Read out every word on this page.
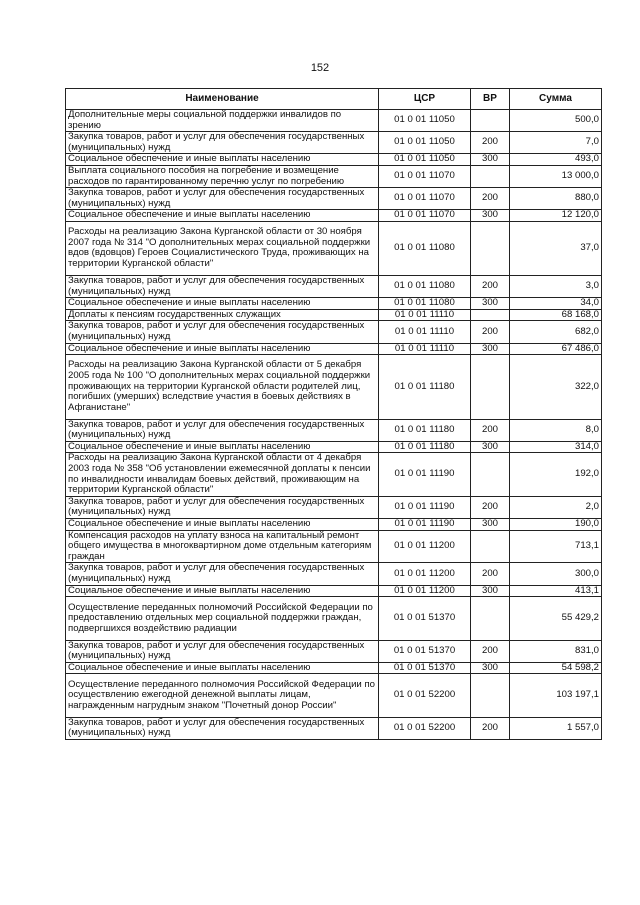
152
Наименование	ЦСР	ВР	Сумма
Дополнительные меры социальной поддержки инвалидов по зрению	01 0 01 11050		500,0
Закупка товаров, работ и услуг для обеспечения государственных (муниципальных) нужд	01 0 01 11050	200	7,0
Социальное обеспечение и иные выплаты населению	01 0 01 11050	300	493,0
Выплата социального пособия на погребение и возмещение расходов по гарантированному перечню услуг по погребению	01 0 01 11070		13 000,0
Закупка товаров, работ и услуг для обеспечения государственных (муниципальных) нужд	01 0 01 11070	200	880,0
Социальное обеспечение и иные выплаты населению	01 0 01 11070	300	12 120,0
Расходы на реализацию Закона Курганской области от 30 ноября 2007 года № 314 "О дополнительных мерах социальной поддержки вдов (вдовцов) Героев Социалистического Труда, проживающих на территории Курганской области"	01 0 01 11080		37,0
Закупка товаров, работ и услуг для обеспечения государственных (муниципальных) нужд	01 0 01 11080	200	3,0
Социальное обеспечение и иные выплаты населению	01 0 01 11080	300	34,0
Доплаты к пенсиям государственных служащих	01 0 01 11110		68 168,0
Закупка товаров, работ и услуг для обеспечения государственных (муниципальных) нужд	01 0 01 11110	200	682,0
Социальное обеспечение и иные выплаты населению	01 0 01 11110	300	67 486,0
Расходы на реализацию Закона Курганской области от 5 декабря 2005 года № 100 "О дополнительных мерах социальной поддержки проживающих на территории Курганской области родителей лиц, погибших (умерших) вследствие участия в боевых действиях в Афганистане"	01 0 01 11180		322,0
Закупка товаров, работ и услуг для обеспечения государственных (муниципальных) нужд	01 0 01 11180	200	8,0
Социальное обеспечение и иные выплаты населению	01 0 01 11180	300	314,0
Расходы на реализацию Закона Курганской области от 4 декабря 2003 года № 358 "Об установлении ежемесячной доплаты к пенсии по инвалидности инвалидам боевых действий, проживающим на территории Курганской области"	01 0 01 11190		192,0
Закупка товаров, работ и услуг для обеспечения государственных (муниципальных) нужд	01 0 01 11190	200	2,0
Социальное обеспечение и иные выплаты населению	01 0 01 11190	300	190,0
Компенсация расходов на уплату взноса на капитальный ремонт общего имущества в многоквартирном доме отдельным категориям граждан	01 0 01 11200		713,1
Закупка товаров, работ и услуг для обеспечения государственных (муниципальных) нужд	01 0 01 11200	200	300,0
Социальное обеспечение и иные выплаты населению	01 0 01 11200	300	413,1
Осуществление переданных полномочий Российской Федерации по предоставлению отдельных мер социальной поддержки граждан, подвергшихся воздействию радиации	01 0 01 51370		55 429,2
Закупка товаров, работ и услуг для обеспечения государственных (муниципальных) нужд	01 0 01 51370	200	831,0
Социальное обеспечение и иные выплаты населению	01 0 01 51370	300	54 598,2
Осуществление переданного полномочия Российской Федерации по осуществлению ежегодной денежной выплаты лицам, награжденным нагрудным знаком "Почетный донор России"	01 0 01 52200		103 197,1
Закупка товаров, работ и услуг для обеспечения государственных (муниципальных) нужд	01 0 01 52200	200	1 557,0
